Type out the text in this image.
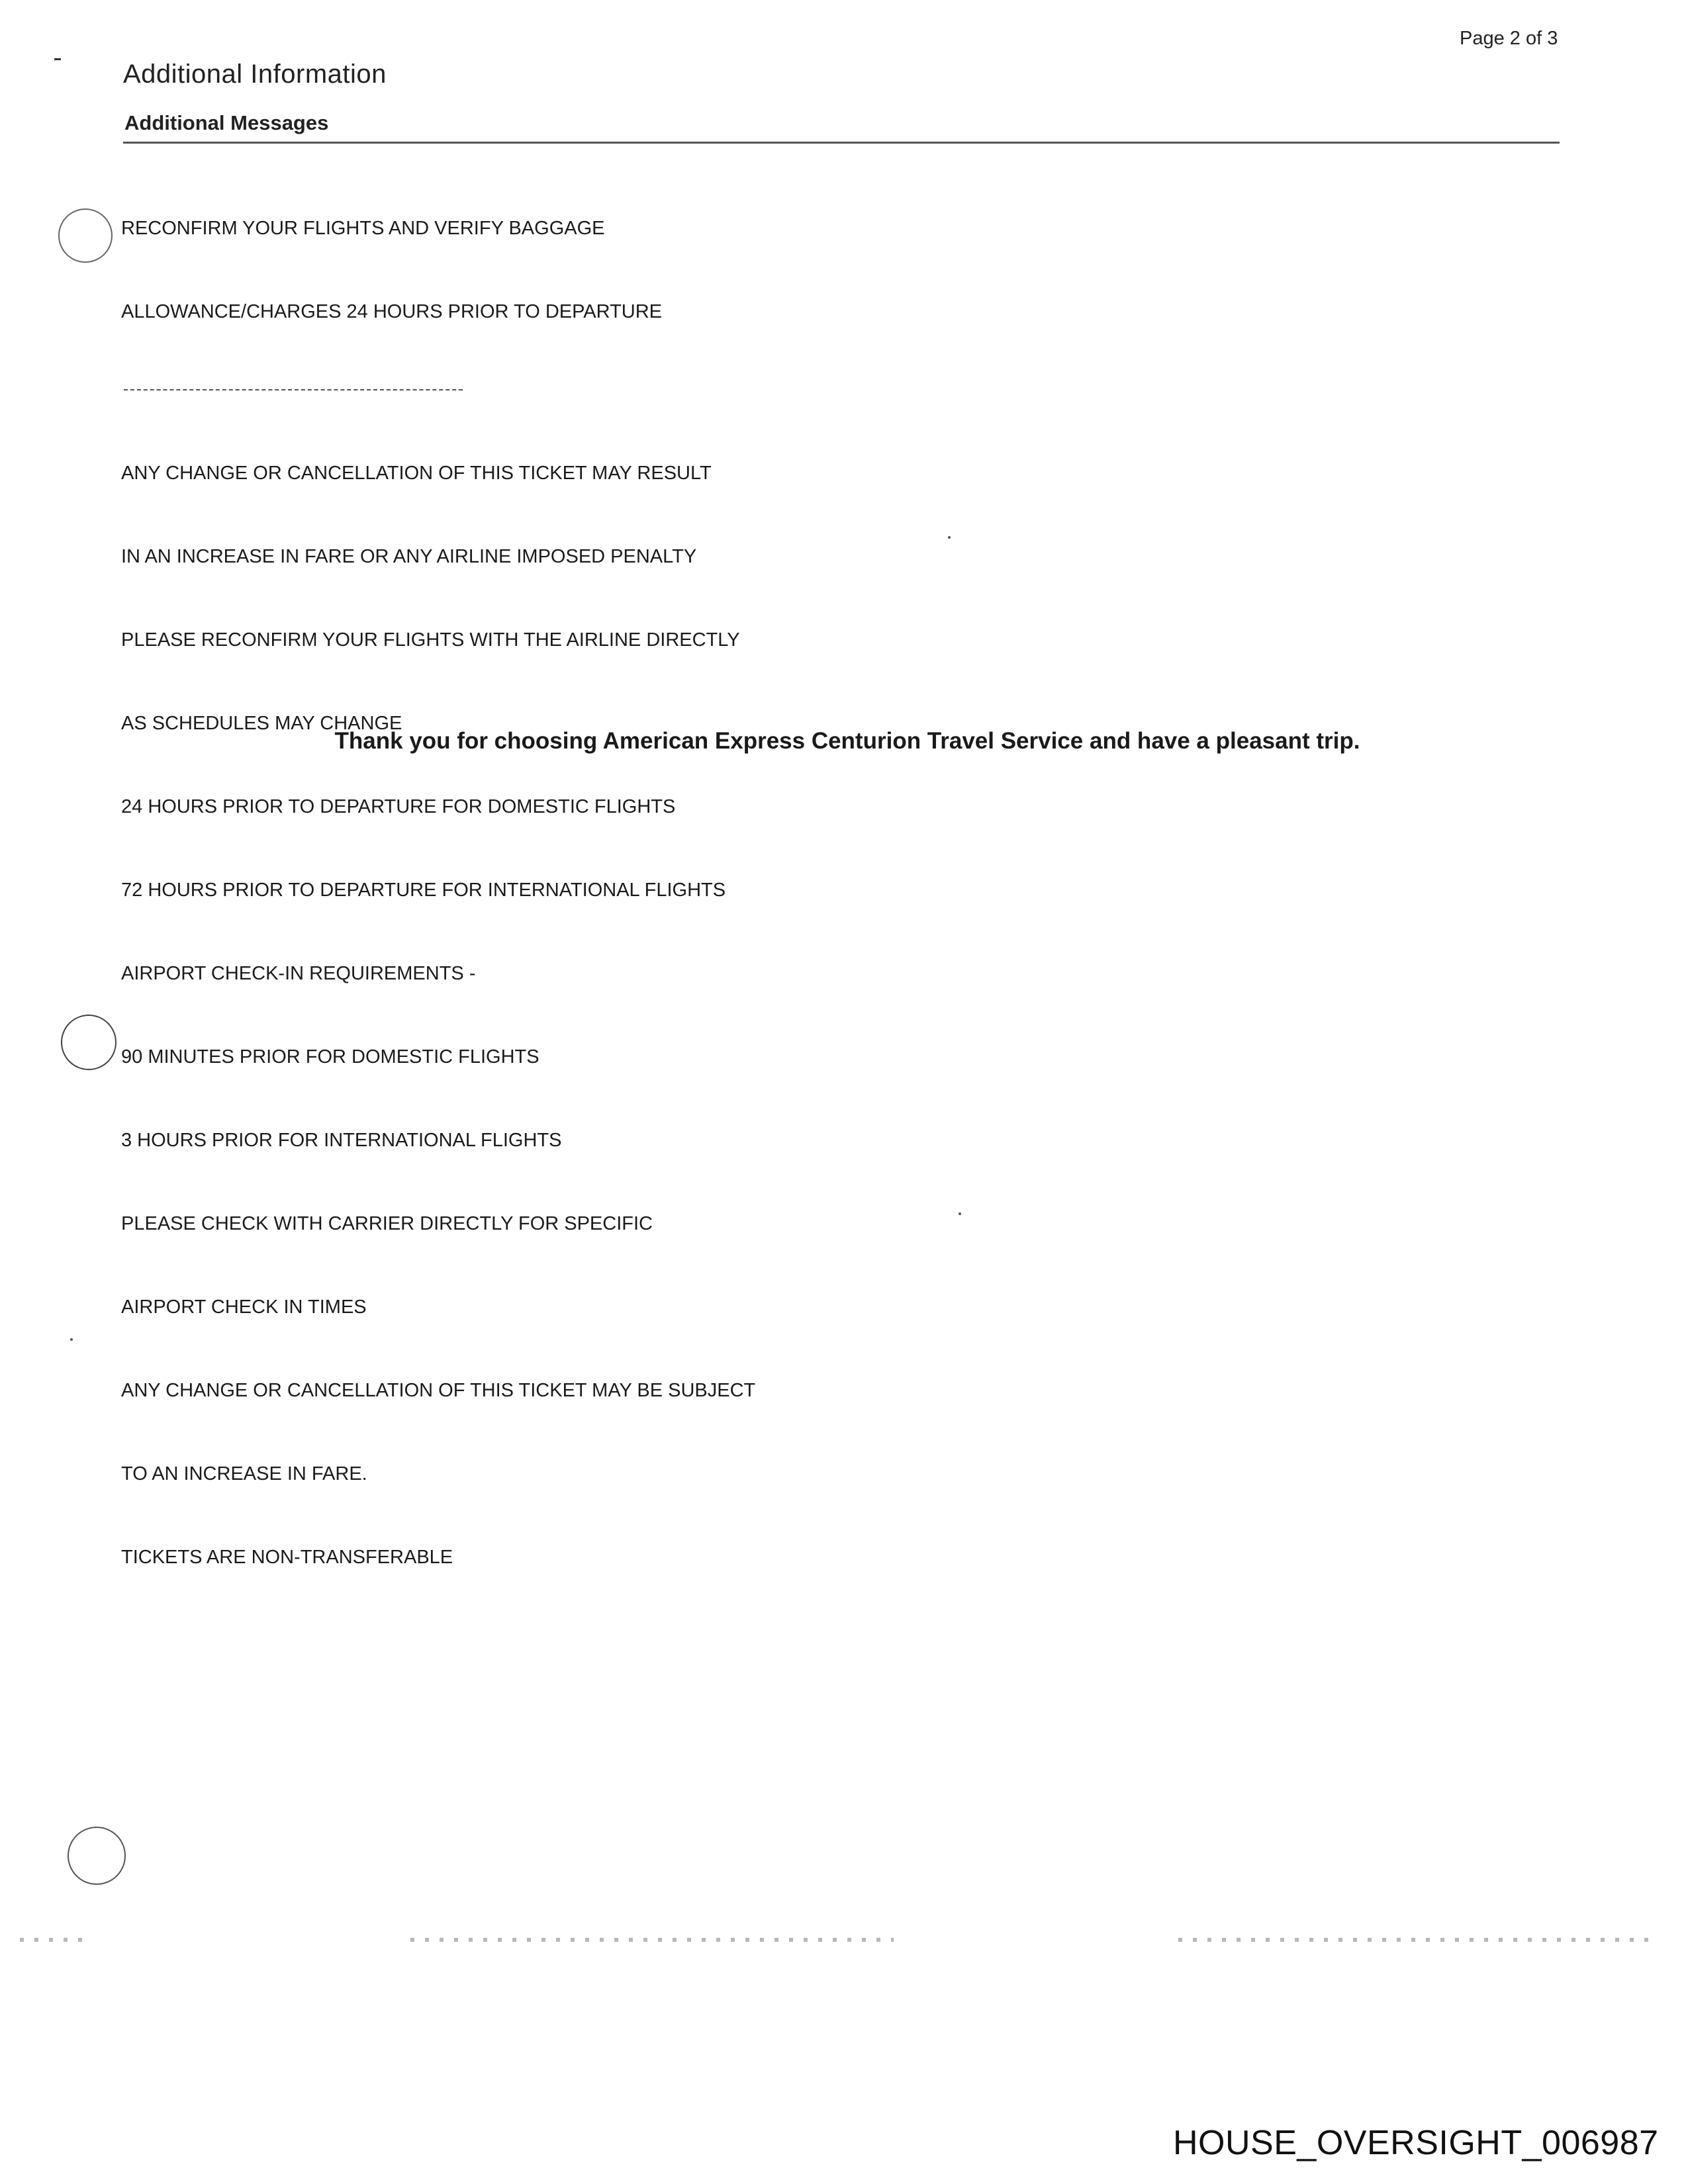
Page 2 of 3
Additional Information
Additional Messages

RECONFIRM YOUR FLIGHTS AND VERIFY BAGGAGE

ALLOWANCE/CHARGES 24 HOURS PRIOR TO DEPARTURE

ANY CHANGE OR CANCELLATION OF THIS TICKET MAY RESULT

IN AN INCREASE IN FARE OR ANY AIRLINE IMPOSED PENALTY

PLEASE RECONFIRM YOUR FLIGHTS WITH THE AIRLINE DIRECTLY

AS SCHEDULES MAY CHANGE

24 HOURS PRIOR TO DEPARTURE FOR DOMESTIC FLIGHTS

72 HOURS PRIOR TO DEPARTURE FOR INTERNATIONAL FLIGHTS

AIRPORT CHECK-IN REQUIREMENTS -

90 MINUTES PRIOR FOR DOMESTIC FLIGHTS

3 HOURS PRIOR FOR INTERNATIONAL FLIGHTS

PLEASE CHECK WITH CARRIER DIRECTLY FOR SPECIFIC

AIRPORT CHECK IN TIMES

ANY CHANGE OR CANCELLATION OF THIS TICKET MAY BE SUBJECT

TO AN INCREASE IN FARE.

TICKETS ARE NON-TRANSFERABLE

Thank you for choosing American Express Centurion Travel Service and have a pleasant trip.
HOUSE_OVERSIGHT_006987
